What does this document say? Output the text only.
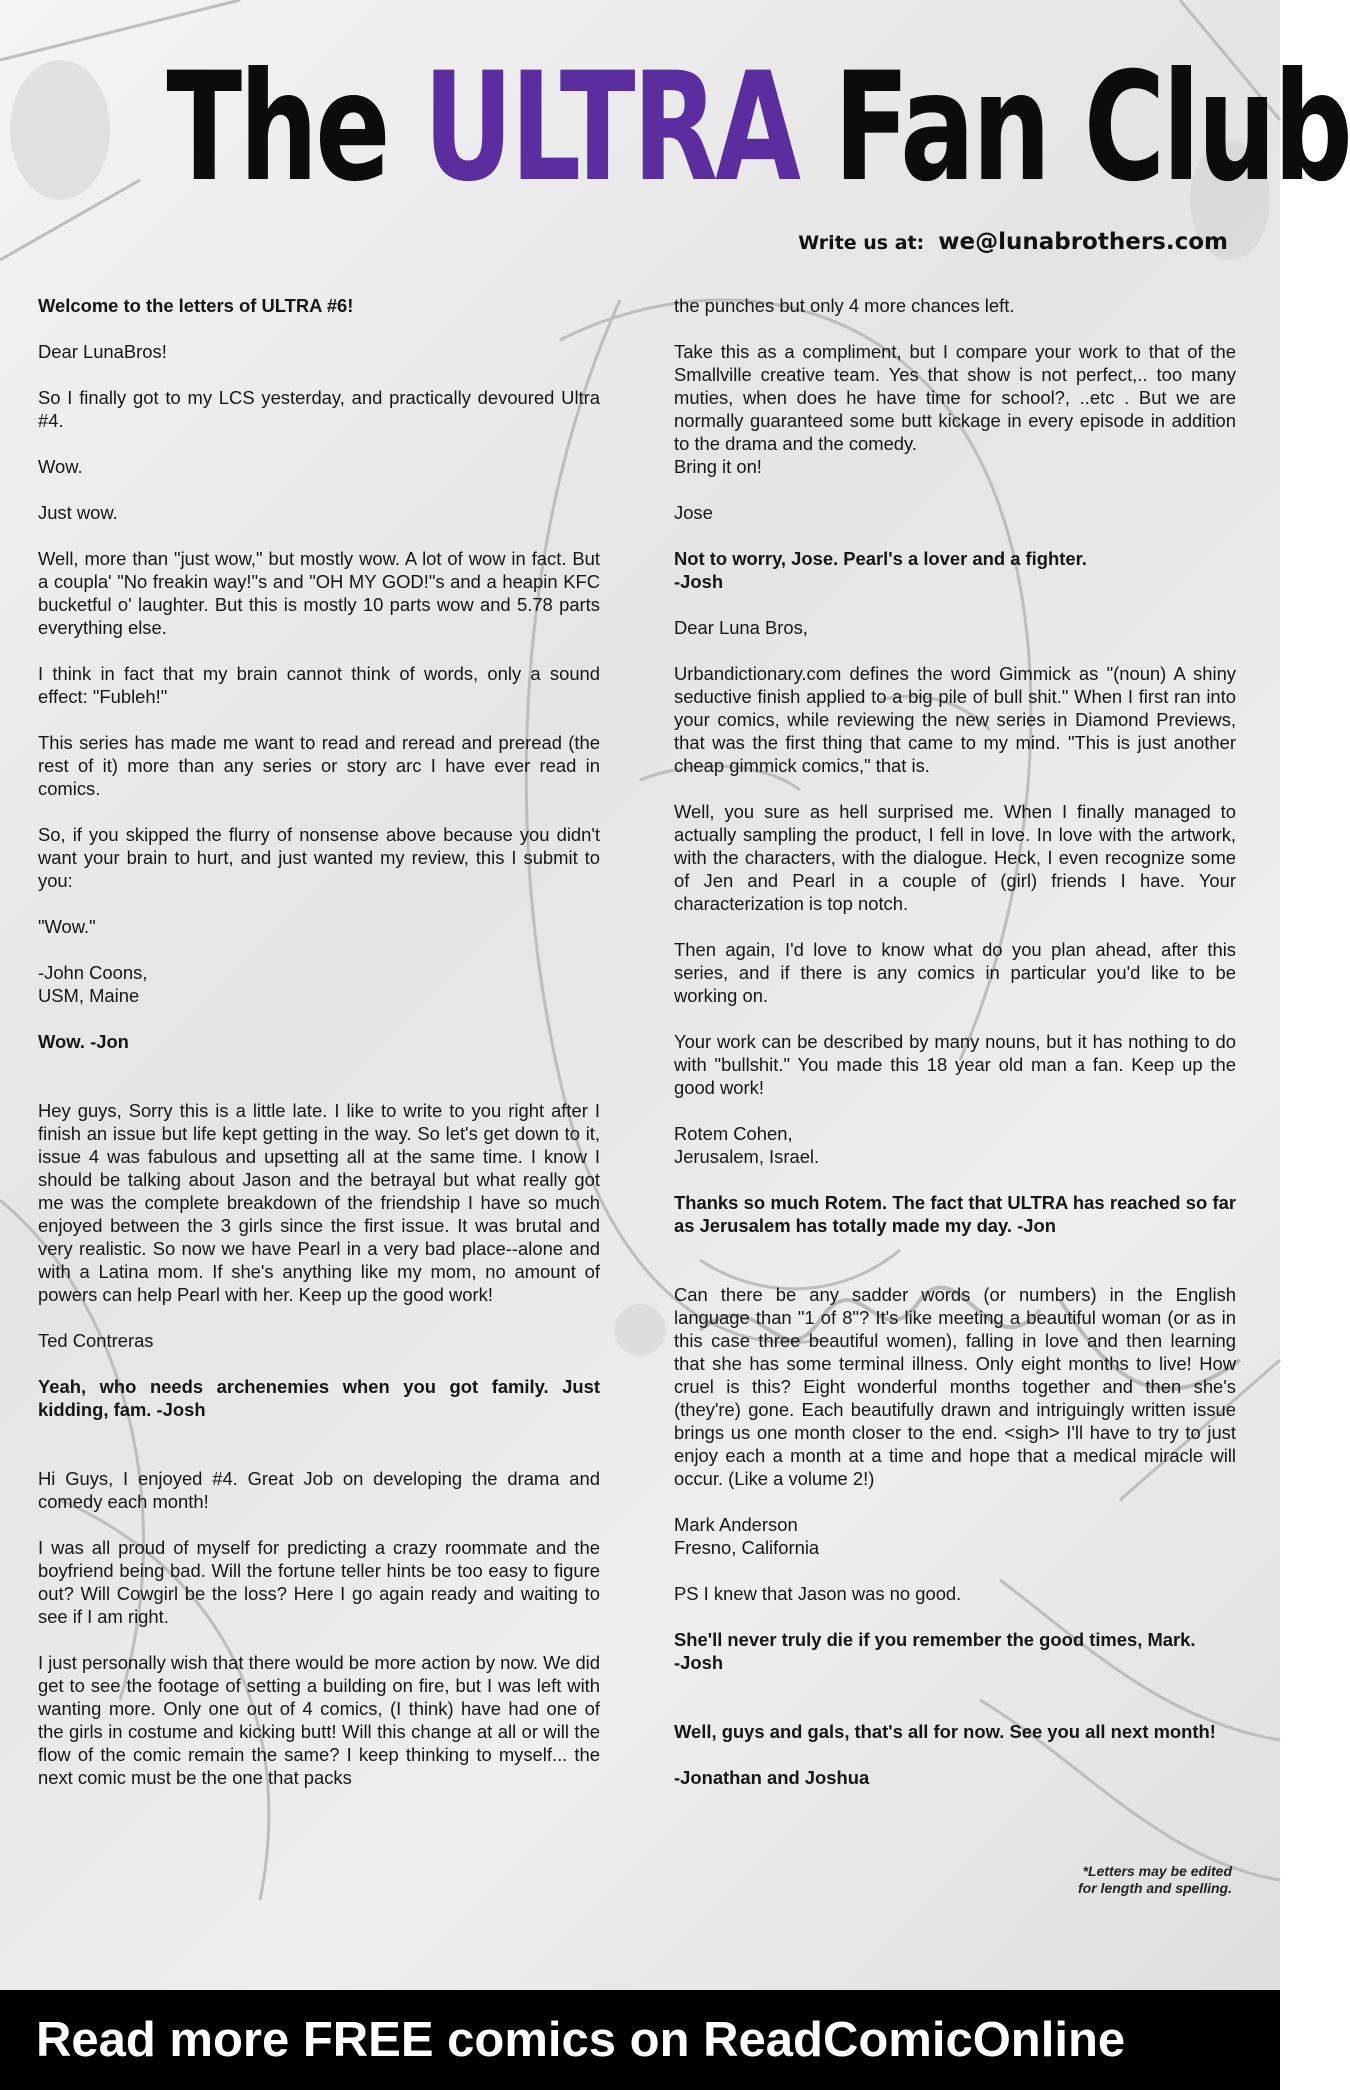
The ULTRA Fan Club
Write us at: we@lunabrothers.com

Welcome to the letters of ULTRA #6!

Dear LunaBros!

So I finally got to my LCS yesterday, and practically devoured Ultra #4.

Wow.

Just wow.

Well, more than "just wow," but mostly wow. A lot of wow in fact. But a coupla' "No freakin way!"s and "OH MY GOD!"s and a heapin KFC bucketful o' laughter. But this is mostly 10 parts wow and 5.78 parts everything else.

I think in fact that my brain cannot think of words, only a sound effect: "Fubleh!"

This series has made me want to read and reread and preread (the rest of it) more than any series or story arc I have ever read in comics.

So, if you skipped the flurry of nonsense above because you didn't want your brain to hurt, and just wanted my review, this I submit to you:

"Wow."

-John Coons,
USM, Maine

Wow. -Jon

Hey guys, Sorry this is a little late. I like to write to you right after I finish an issue but life kept getting in the way. So let's get down to it, issue 4 was fabulous and upsetting all at the same time. I know I should be talking about Jason and the betrayal but what really got me was the complete breakdown of the friendship I have so much enjoyed between the 3 girls since the first issue. It was brutal and very realistic. So now we have Pearl in a very bad place--alone and with a Latina mom. If she's anything like my mom, no amount of powers can help Pearl with her. Keep up the good work!

Ted Contreras

Yeah, who needs archenemies when you got family. Just kidding, fam. -Josh

Hi Guys, I enjoyed #4. Great Job on developing the drama and comedy each month!

I was all proud of myself for predicting a crazy roommate and the boyfriend being bad. Will the fortune teller hints be too easy to figure out? Will Cowgirl be the loss? Here I go again ready and waiting to see if I am right.

I just personally wish that there would be more action by now. We did get to see the footage of setting a building on fire, but I was left with wanting more. Only one out of 4 comics, (I think) have had one of the girls in costume and kicking butt! Will this change at all or will the flow of the comic remain the same? I keep thinking to myself... the next comic must be the one that packs

the punches but only 4 more chances left.

Take this as a compliment, but I compare your work to that of the Smallville creative team. Yes that show is not perfect,.. too many muties, when does he have time for school?, ..etc . But we are normally guaranteed some butt kickage in every episode in addition to the drama and the comedy.
Bring it on!

Jose

Not to worry, Jose. Pearl's a lover and a fighter.
-Josh

Dear Luna Bros,

Urbandictionary.com defines the word Gimmick as "(noun) A shiny seductive finish applied to a big pile of bull shit." When I first ran into your comics, while reviewing the new series in Diamond Previews, that was the first thing that came to my mind. "This is just another cheap gimmick comics," that is.

Well, you sure as hell surprised me. When I finally managed to actually sampling the product, I fell in love. In love with the artwork, with the characters, with the dialogue. Heck, I even recognize some of Jen and Pearl in a couple of (girl) friends I have. Your characterization is top notch.

Then again, I'd love to know what do you plan ahead, after this series, and if there is any comics in particular you'd like to be working on.

Your work can be described by many nouns, but it has nothing to do with "bullshit." You made this 18 year old man a fan. Keep up the good work!

Rotem Cohen,
Jerusalem, Israel.

Thanks so much Rotem. The fact that ULTRA has reached so far as Jerusalem has totally made my day. -Jon

Can there be any sadder words (or numbers) in the English language than "1 of 8"? It's like meeting a beautiful woman (or as in this case three beautiful women), falling in love and then learning that she has some terminal illness. Only eight months to live! How cruel is this? Eight wonderful months together and then she's (they're) gone. Each beautifully drawn and intriguingly written issue brings us one month closer to the end. <sigh> I'll have to try to just enjoy each a month at a time and hope that a medical miracle will occur. (Like a volume 2!)

Mark Anderson
Fresno, California

PS I knew that Jason was no good.

She'll never truly die if you remember the good times, Mark.
-Josh

Well, guys and gals, that's all for now. See you all next month!

-Jonathan and Joshua

*Letters may be edited
for length and spelling.
Read more FREE comics on ReadComicOnline
